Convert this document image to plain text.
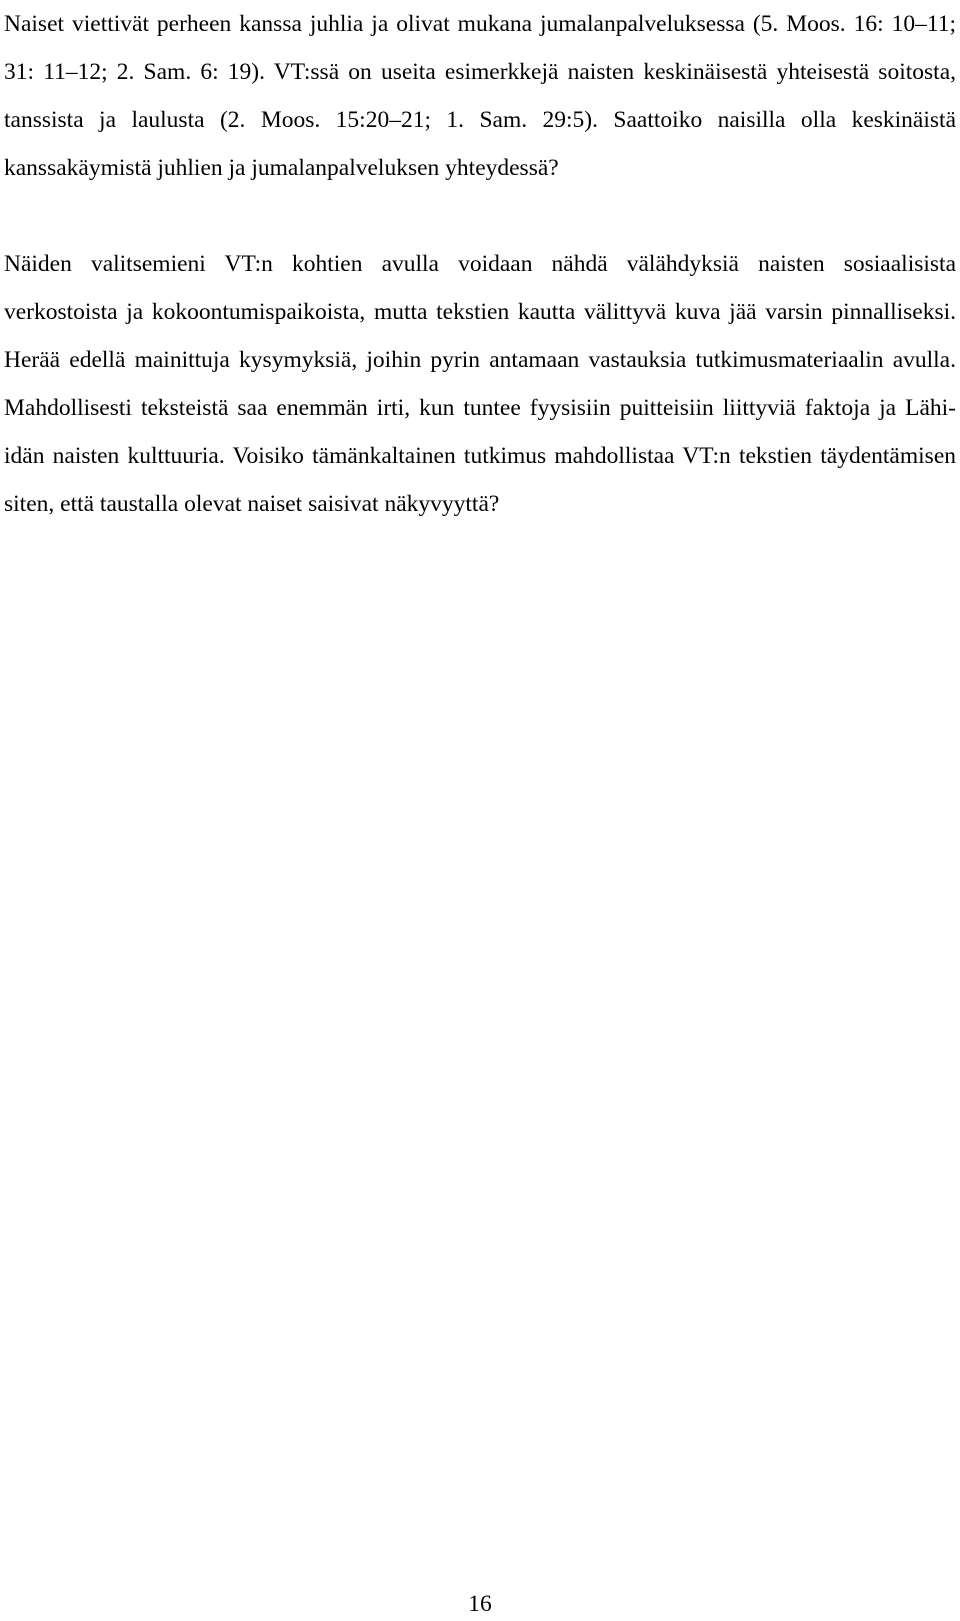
Naiset viettivät perheen kanssa juhlia ja olivat mukana jumalanpalveluksessa (5. Moos. 16: 10–11; 31: 11–12; 2. Sam. 6: 19). VT:ssä on useita esimerkkejä naisten keskinäisestä yhteisestä soitosta, tanssista ja laulusta (2. Moos. 15:20–21; 1. Sam. 29:5). Saattoiko naisilla olla keskinäistä kanssakäymistä juhlien ja jumalanpalveluksen yhteydessä?

Näiden valitsemieni VT:n kohtien avulla voidaan nähdä välähdyksiä naisten sosiaalisista verkostoista ja kokoontumispaikoista, mutta tekstien kautta välittyvä kuva jää varsin pinnalliseksi. Herää edellä mainittuja kysymyksiä, joihin pyrin antamaan vastauksia tutkimusmateriaalin avulla. Mahdollisesti teksteistä saa enemmän irti, kun tuntee fyysisiin puitteisiin liittyviä faktoja ja Lähi-idän naisten kulttuuria. Voisiko tämänkaltainen tutkimus mahdollistaa VT:n tekstien täydentämisen siten, että taustalla olevat naiset saisivat näkyvyyttä?

16
